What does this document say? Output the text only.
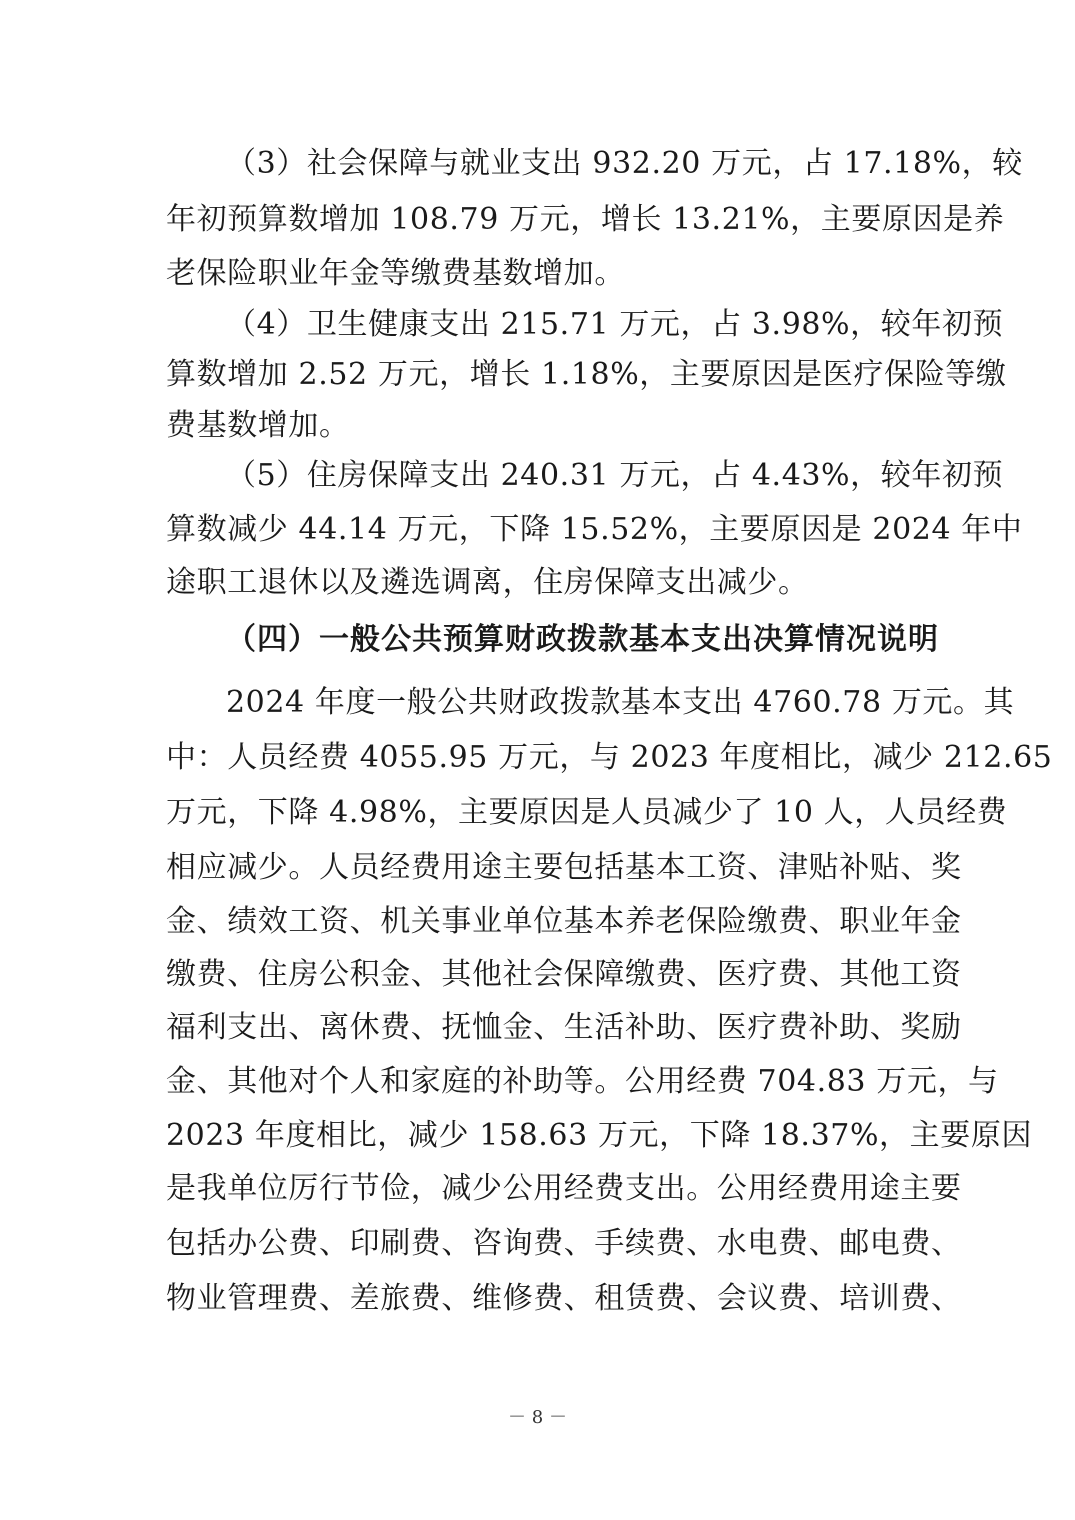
（3）社会保障与就业支出 932.20 万元，占 17.18%，较
年初预算数增加 108.79 万元，增长 13.21%，主要原因是养
老保险职业年金等缴费基数增加。
（4）卫生健康支出 215.71 万元，占 3.98%，较年初预
算数增加 2.52 万元，增长 1.18%，主要原因是医疗保险等缴
费基数增加。
（5）住房保障支出 240.31 万元，占 4.43%，较年初预
算数减少 44.14 万元，下降 15.52%，主要原因是 2024 年中
途职工退休以及遴选调离，住房保障支出减少。
（四）一般公共预算财政拨款基本支出决算情况说明
2024 年度一般公共财政拨款基本支出 4760.78 万元。其
中：人员经费 4055.95 万元，与 2023 年度相比，减少 212.65
万元，下降 4.98%，主要原因是人员减少了 10 人，人员经费
相应减少。人员经费用途主要包括基本工资、津贴补贴、奖
金、绩效工资、机关事业单位基本养老保险缴费、职业年金
缴费、住房公积金、其他社会保障缴费、医疗费、其他工资
福利支出、离休费、抚恤金、生活补助、医疗费补助、奖励
金、其他对个人和家庭的补助等。公用经费 704.83 万元，与
2023 年度相比，减少 158.63 万元，下降 18.37%，主要原因
是我单位厉行节俭，减少公用经费支出。公用经费用途主要
包括办公费、印刷费、咨询费、手续费、水电费、邮电费、
物业管理费、差旅费、维修费、租赁费、会议费、培训费、
－ 8 －
